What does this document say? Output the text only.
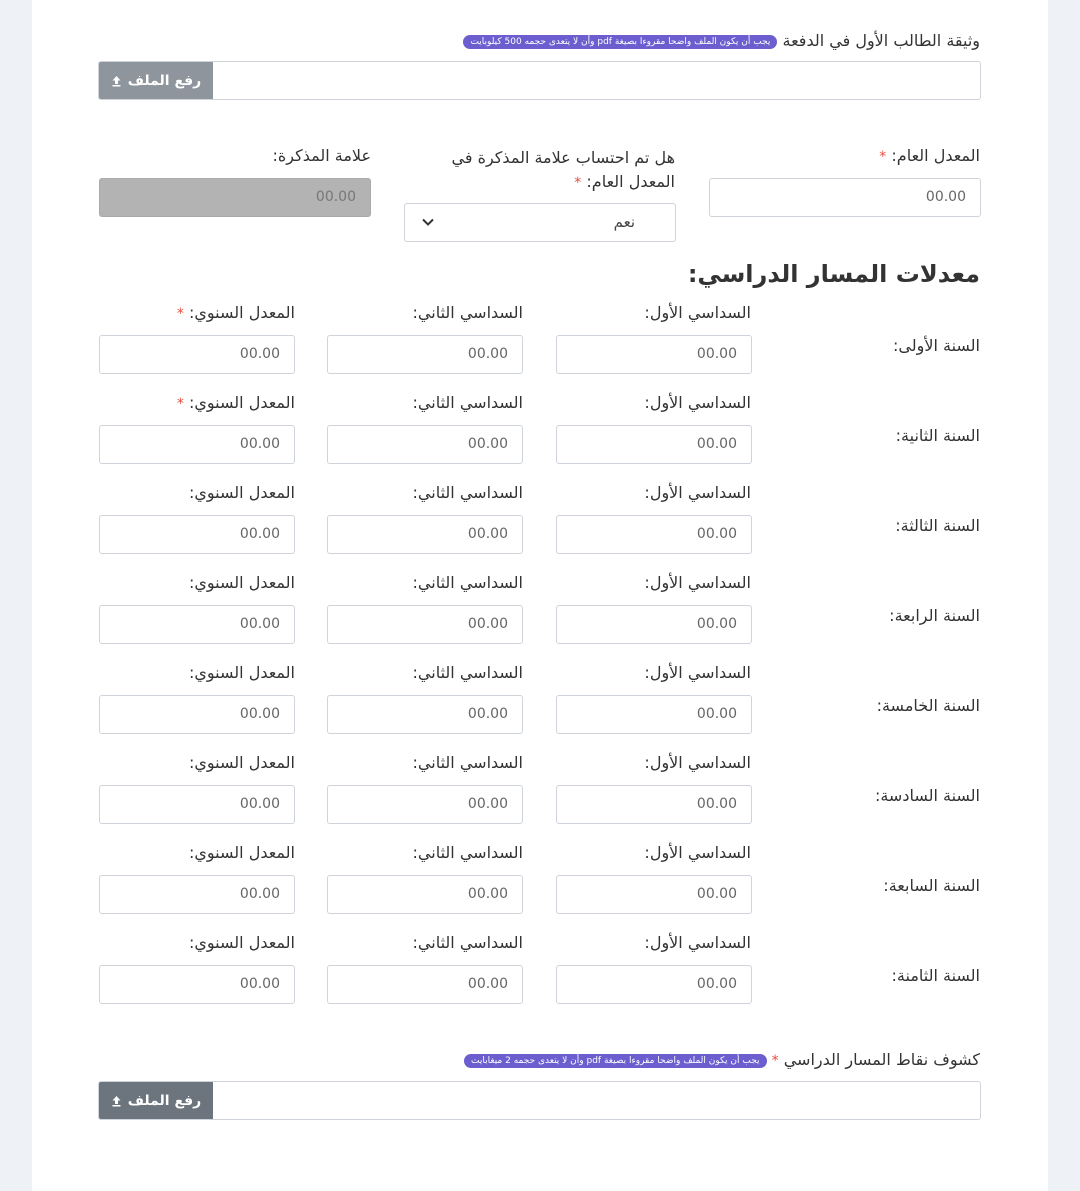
وثيقة الطالب الأول في الدفعة يجب أن يكون الملف واضحا مقروءا بصيغة pdf وأن لا يتعدى حجمه 500 كيلوبايت
رفع الملف
المعدل العام: *
00.00
هل تم احتساب علامة المذكرة في
المعدل العام: *
نعم
علامة المذكرة:
00.00
معدلات المسار الدراسي:
السنة الأولى:
السداسي الأول:
00.00
السداسي الثاني:
00.00
المعدل السنوي: *
00.00
السنة الثانية:
السداسي الأول:
00.00
السداسي الثاني:
00.00
المعدل السنوي: *
00.00
السنة الثالثة:
السداسي الأول:
00.00
السداسي الثاني:
00.00
المعدل السنوي:
00.00
السنة الرابعة:
السداسي الأول:
00.00
السداسي الثاني:
00.00
المعدل السنوي:
00.00
السنة الخامسة:
السداسي الأول:
00.00
السداسي الثاني:
00.00
المعدل السنوي:
00.00
السنة السادسة:
السداسي الأول:
00.00
السداسي الثاني:
00.00
المعدل السنوي:
00.00
السنة السابعة:
السداسي الأول:
00.00
السداسي الثاني:
00.00
المعدل السنوي:
00.00
السنة الثامنة:
السداسي الأول:
00.00
السداسي الثاني:
00.00
المعدل السنوي:
00.00
كشوف نقاط المسار الدراسي * يجب أن يكون الملف واضحا مقروءا بصيغة pdf وأن لا يتعدى حجمه 2 ميغابايت
رفع الملف
